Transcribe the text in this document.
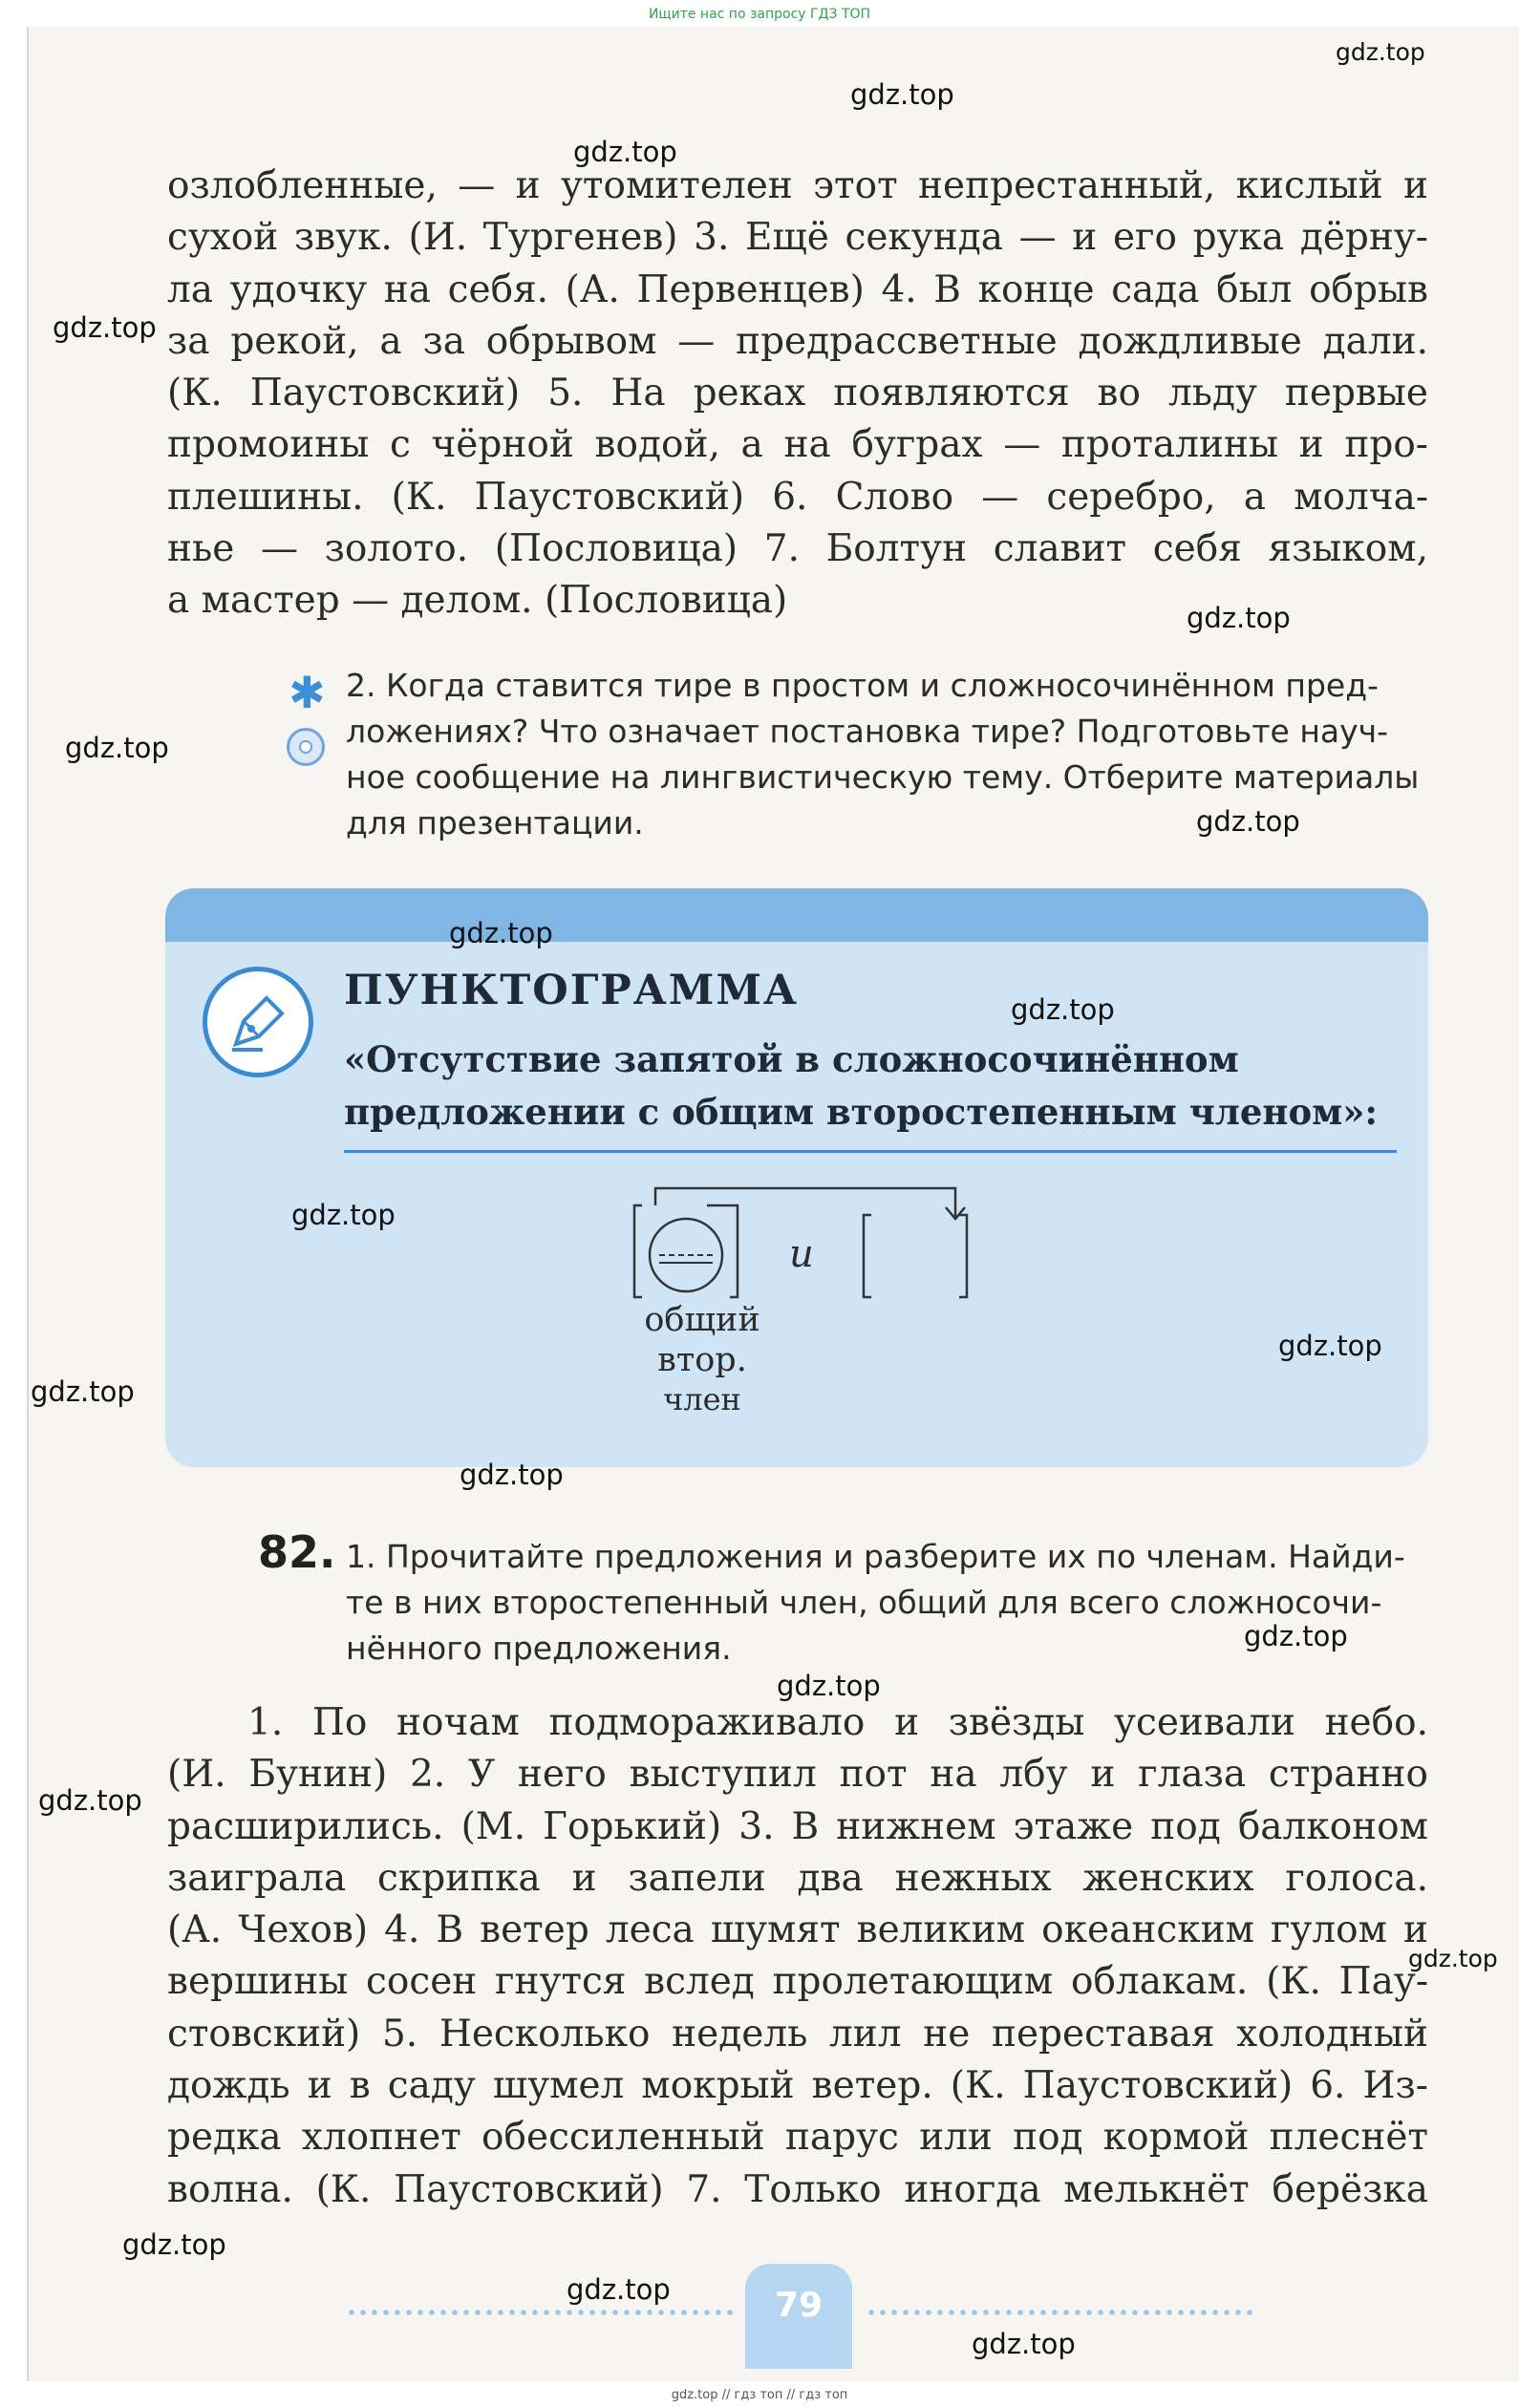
Ищите нас по запросу ГДЗ ТОП
озлобленные, — и утомителен этот непрестанный, кислый и
сухой звук. (И. Тургенев) 3. Ещё секунда — и его рука дёрну-
ла удочку на себя. (А. Первенцев) 4. В конце сада был обрыв
за рекой, а за обрывом — предрассветные дождливые дали.
(К. Паустовский) 5. На реках появляются во льду первые
промоины с чёрной водой, а на буграх — проталины и про-
плешины. (К. Паустовский) 6. Слово — серебро, а молча-
нье — золото. (Пословица) 7. Болтун славит себя языком,
а мастер — делом. (Пословица)
✱ 2. Когда ставится тире в простом и сложносочинённом пред-
ложениях? Что означает постановка тире? Подготовьте науч-
ное сообщение на лингвистическую тему. Отберите материалы
для презентации.
ПУНКТОГРАММА
«Отсутствие запятой в сложносочинённом
предложении с общим второстепенным членом»:
и
общий
втор.
член
82. 1. Прочитайте предложения и разберите их по членам. Найди-
те в них второстепенный член, общий для всего сложносочи-
нённого предложения.
1. По ночам подмораживало и звёзды усеивали небо.
(И. Бунин) 2. У него выступил пот на лбу и глаза странно
расширились. (М. Горький) 3. В нижнем этаже под балконом
заиграла скрипка и запели два нежных женских голоса.
(А. Чехов) 4. В ветер леса шумят великим океанским гулом и
вершины сосен гнутся вслед пролетающим облакам. (К. Пау-
стовский) 5. Несколько недель лил не переставая холодный
дождь и в саду шумел мокрый ветер. (К. Паустовский) 6. Из-
редка хлопнет обессиленный парус или под кормой плеснёт
волна. (К. Паустовский) 7. Только иногда мелькнёт берёзка
79
gdz.top
gdz.top
gdz.top
gdz.top
gdz.top
gdz.top
gdz.top
gdz.top
gdz.top
gdz.top
gdz.top
gdz.top
gdz.top
gdz.top
gdz.top
gdz.top
gdz.top
gdz.top
gdz.top
gdz.top
gdz.top // гдз топ // гдз топ
